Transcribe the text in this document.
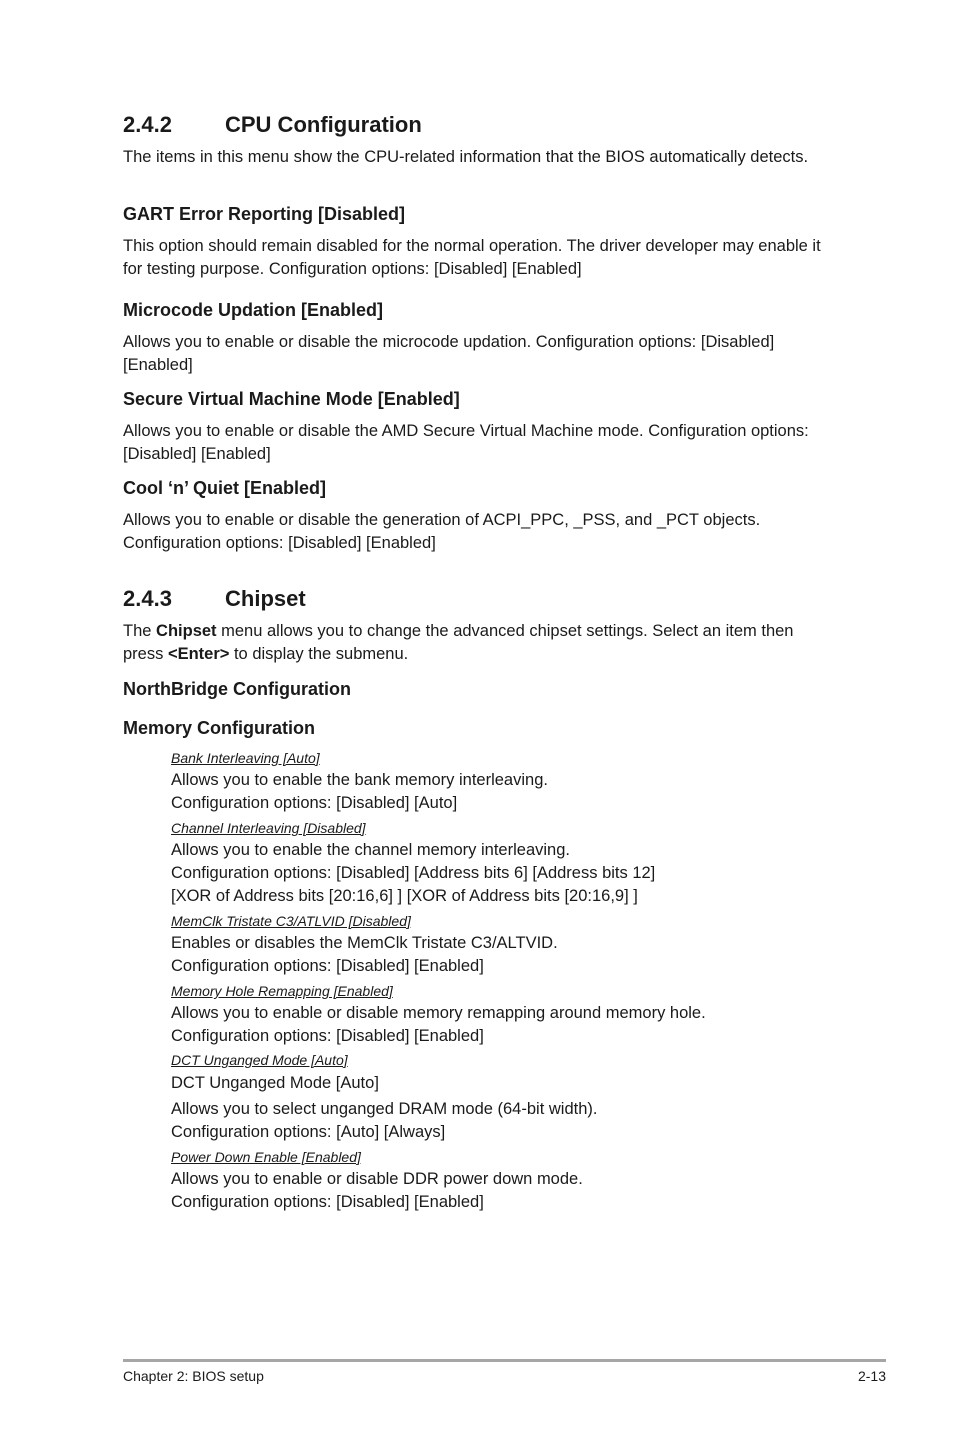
2.4.2 CPU Configuration

The items in this menu show the CPU-related information that the BIOS automatically detects.

GART Error Reporting [Disabled]

This option should remain disabled for the normal operation. The driver developer may enable it for testing purpose. Configuration options: [Disabled] [Enabled]

Microcode Updation [Enabled]

Allows you to enable or disable the microcode updation. Configuration options: [Disabled] [Enabled]

Secure Virtual Machine Mode [Enabled]

Allows you to enable or disable the AMD Secure Virtual Machine mode. Configuration options: [Disabled] [Enabled]

Cool ‘n’ Quiet [Enabled]

Allows you to enable or disable the generation of ACPI_PPC, _PSS, and _PCT objects. Configuration options: [Disabled] [Enabled]

2.4.3 Chipset

The Chipset menu allows you to change the advanced chipset settings. Select an item then press <Enter> to display the submenu.

NorthBridge Configuration
Memory Configuration

Bank Interleaving [Auto]

Allows you to enable the bank memory interleaving.

Configuration options: [Disabled] [Auto]

Channel Interleaving [Disabled]

Allows you to enable the channel memory interleaving.

Configuration options: [Disabled] [Address bits 6] [Address bits 12]

[XOR of Address bits [20:16,6] ] [XOR of Address bits [20:16,9] ]

MemClk Tristate C3/ATLVID [Disabled]

Enables or disables the MemClk Tristate C3/ALTVID.

Configuration options: [Disabled] [Enabled]

Memory Hole Remapping [Enabled]

Allows you to enable or disable memory remapping around memory hole.

Configuration options: [Disabled] [Enabled]

DCT Unganged Mode [Auto]

DCT Unganged Mode [Auto]

Allows you to select unganged DRAM mode (64-bit width).

Configuration options: [Auto] [Always]

Power Down Enable [Enabled]

Allows you to enable or disable DDR power down mode.

Configuration options: [Disabled] [Enabled]

Chapter 2: BIOS setup	2-13
